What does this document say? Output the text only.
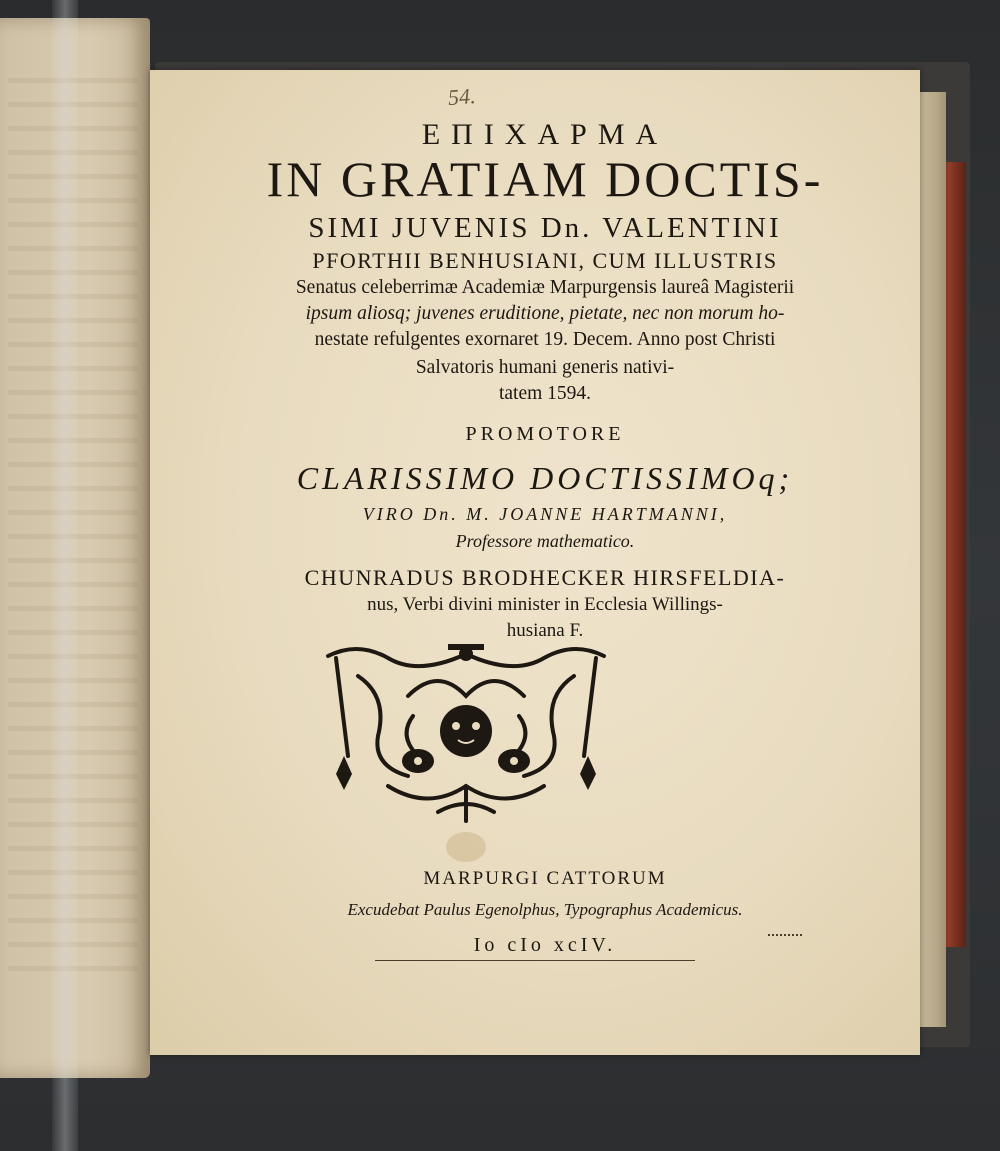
54.
ΕΠΙΧΑΡΜΑ
IN GRATIAM DOCTIS-
SIMI JUVENIS Dn. VALENTINI
PFORTHII BENHUSIANI, CUM ILLUSTRIS
Senatus celeberrimæ Academiæ Marpurgensis laureâ Magisterii
ipsum aliosq; juvenes eruditione, pietate, nec non morum ho-
nestate refulgentes exornaret 19. Decem. Anno post Christi
Salvatoris humani generis nativi-
tatem 1594.
PROMOTORE
CLARISSIMO DOCTISSIMOq;
VIRO Dn. M. JOANNE HARTMANNI,
Professore mathematico.
CHUNRADUS BRODHECKER HIRSFELDIA-
nus, Verbi divini minister in Ecclesia Willings-
husiana F.
MARPURGI CATTORUM
Excudebat Paulus Egenolphus, Typographus Academicus.
Io cIo xcIV.
